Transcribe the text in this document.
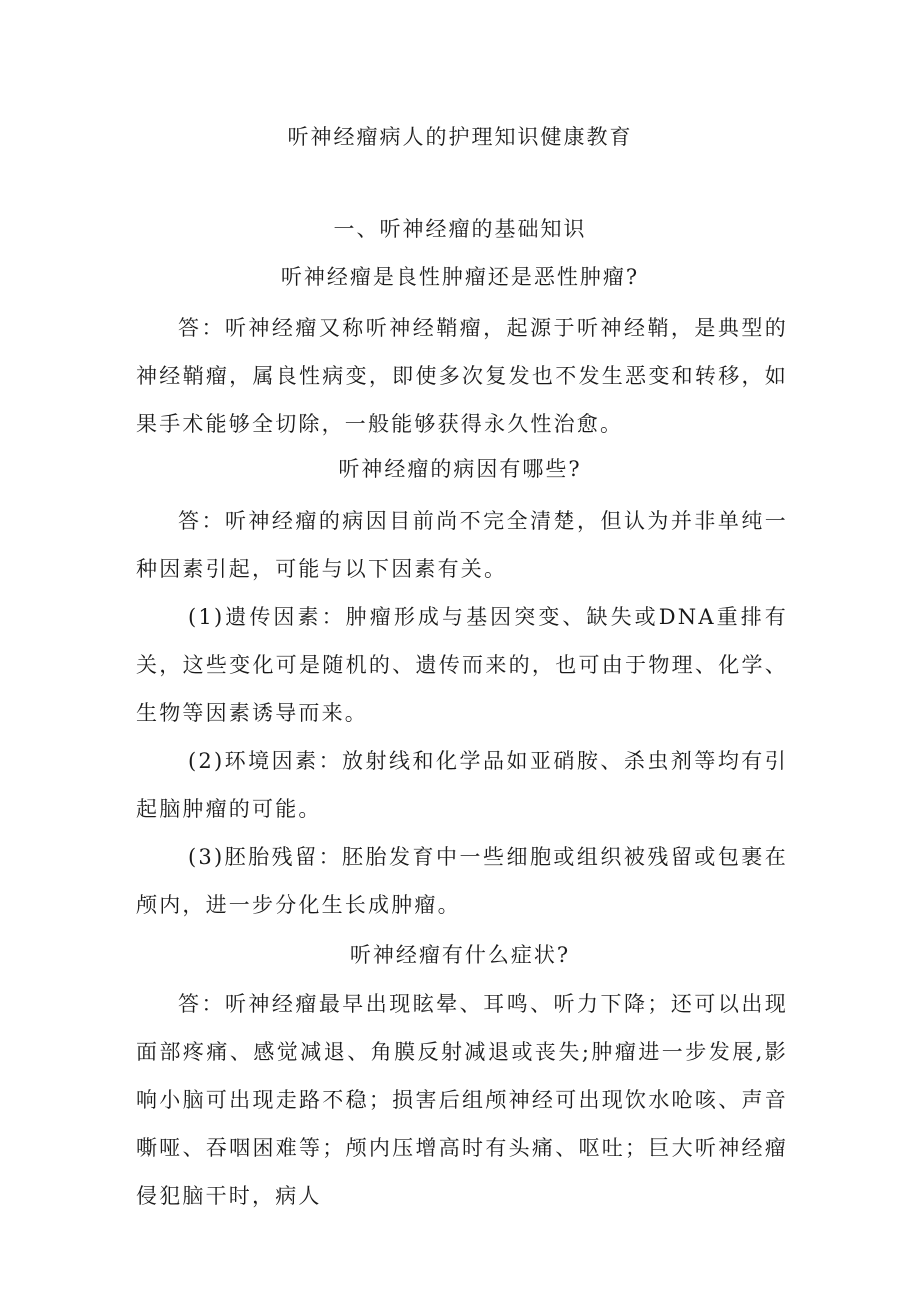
听神经瘤病人的护理知识健康教育
一、听神经瘤的基础知识
听神经瘤是良性肿瘤还是恶性肿瘤?

答：听神经瘤又称听神经鞘瘤，起源于听神经鞘，是典型的神经鞘瘤，属良性病变，即使多次复发也不发生恶变和转移，如果手术能够全切除，一般能够获得永久性治愈。

听神经瘤的病因有哪些?

答：听神经瘤的病因目前尚不完全清楚，但认为并非单纯一种因素引起，可能与以下因素有关。

(1)遗传因素：肿瘤形成与基因突变、缺失或DNA重排有关，这些变化可是随机的、遗传而来的，也可由于物理、化学、生物等因素诱导而来。

(2)环境因素：放射线和化学品如亚硝胺、杀虫剂等均有引起脑肿瘤的可能。

(3)胚胎残留：胚胎发育中一些细胞或组织被残留或包裹在颅内，进一步分化生长成肿瘤。

听神经瘤有什么症状?

答：听神经瘤最早出现眩晕、耳鸣、听力下降；还可以出现面部疼痛、感觉减退、角膜反射减退或丧失;肿瘤进一步发展,影响小脑可出现走路不稳；损害后组颅神经可出现饮水呛咳、声音嘶哑、吞咽困难等；颅内压增高时有头痛、呕吐；巨大听神经瘤侵犯脑干时，病人
